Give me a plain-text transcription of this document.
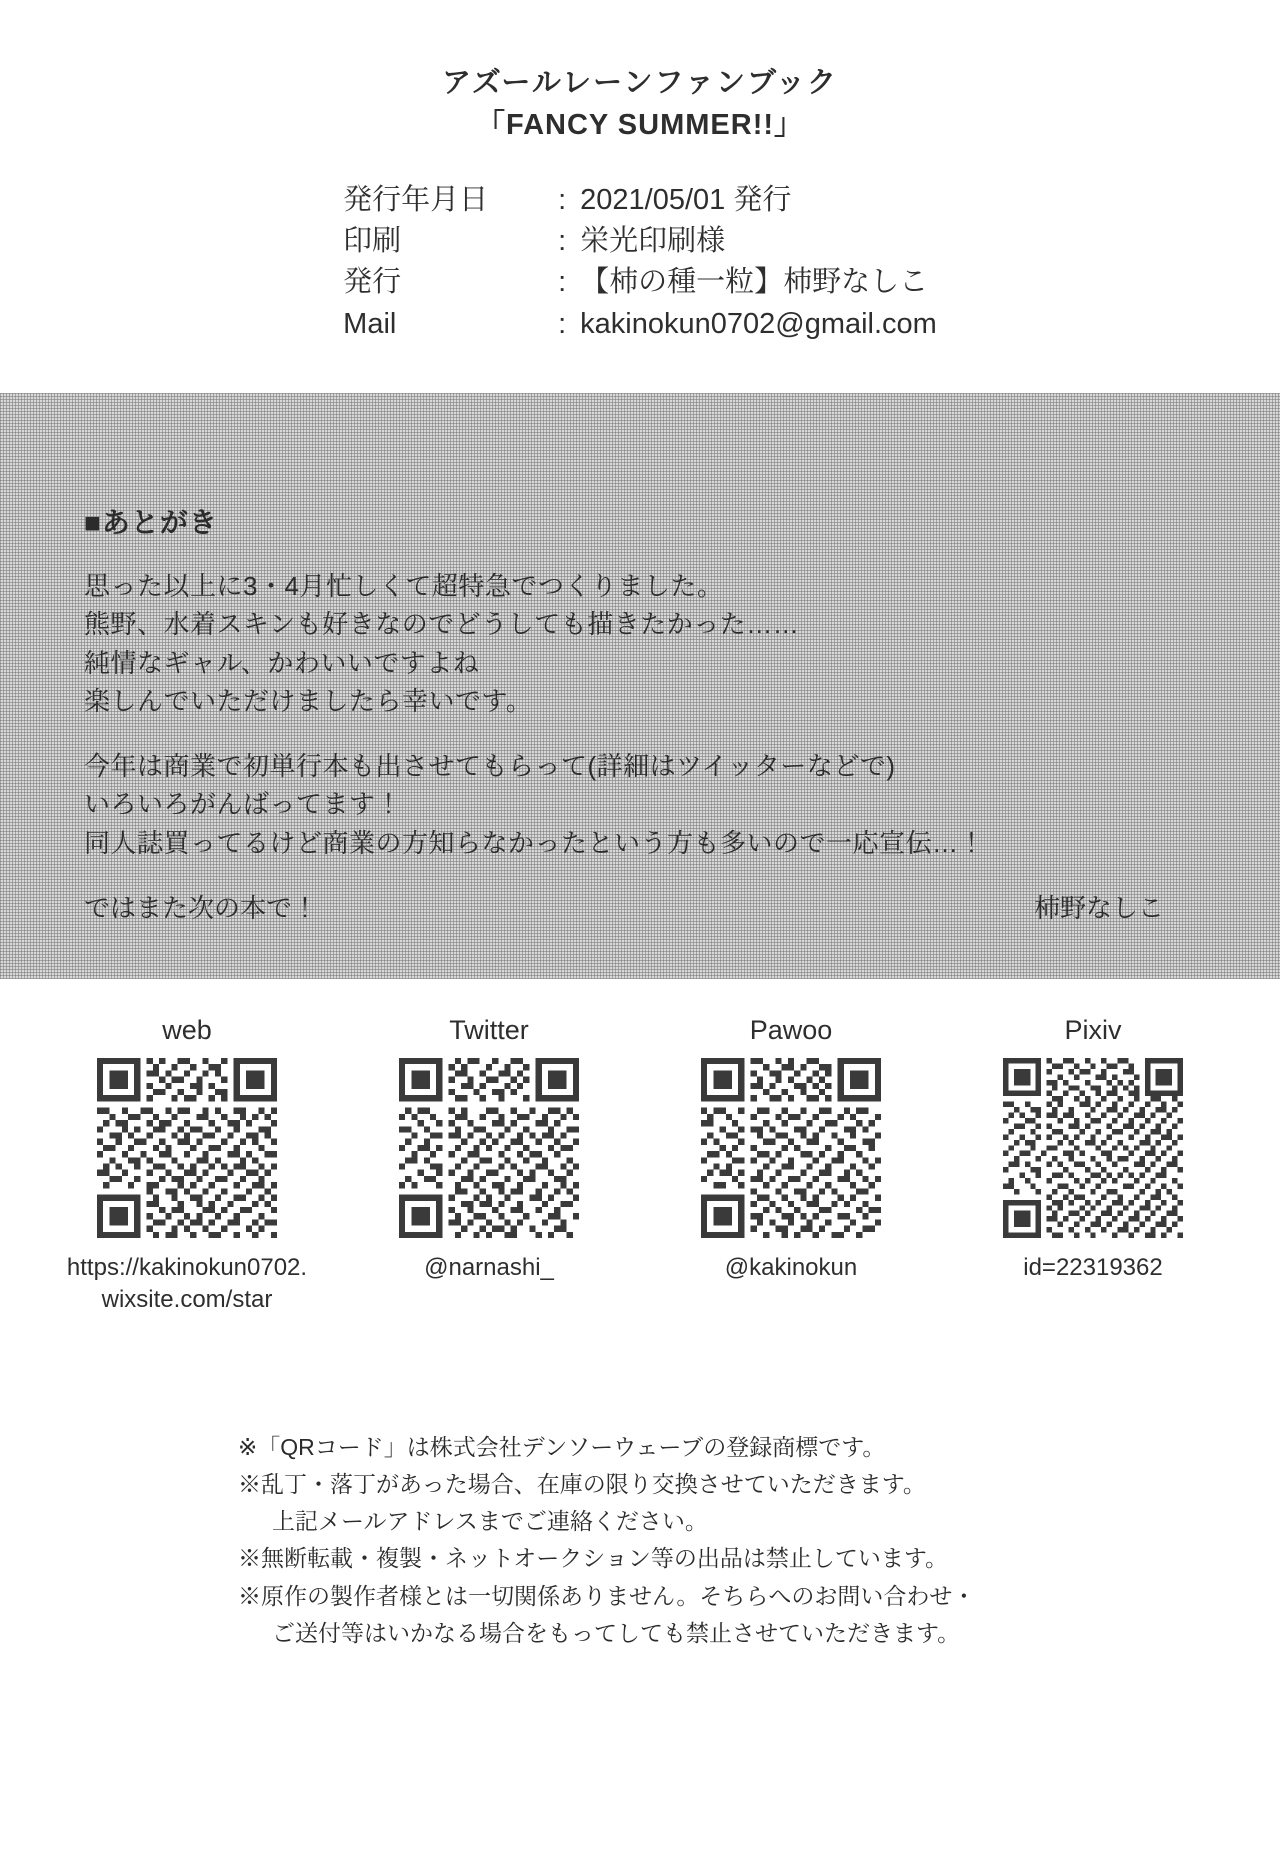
アズールレーンファンブック
「FANCY SUMMER!!」
発行年月日	: 2021/05/01 発行
印刷	: 栄光印刷様
発行	: 【柿の種一粒】柿野なしこ
Mail	: kakinokun0702@gmail.com
■あとがき

思った以上に3・4月忙しくて超特急でつくりました。

熊野、水着スキンも好きなのでどうしても描きたかった……

純情なギャル、かわいいですよね

楽しんでいただけましたら幸いです。

今年は商業で初単行本も出させてもらって(詳細はツイッターなどで)

いろいろがんばってます！

同人誌買ってるけど商業の方知らなかったという方も多いので一応宣伝…！

ではまた次の本で！	柿野なしこ
web
https://kakinokun0702. wixsite.com/star
Twitter
@narnashi_
Pawoo
@kakinokun
Pixiv
id=22319362

※「QRコード」は株式会社デンソーウェーブの登録商標です。

※乱丁・落丁があった場合、在庫の限り交換させていただきます。

上記メールアドレスまでご連絡ください。

※無断転載・複製・ネットオークション等の出品は禁止しています。

※原作の製作者様とは一切関係ありません。そちらへのお問い合わせ・

ご送付等はいかなる場合をもってしても禁止させていただきます。
